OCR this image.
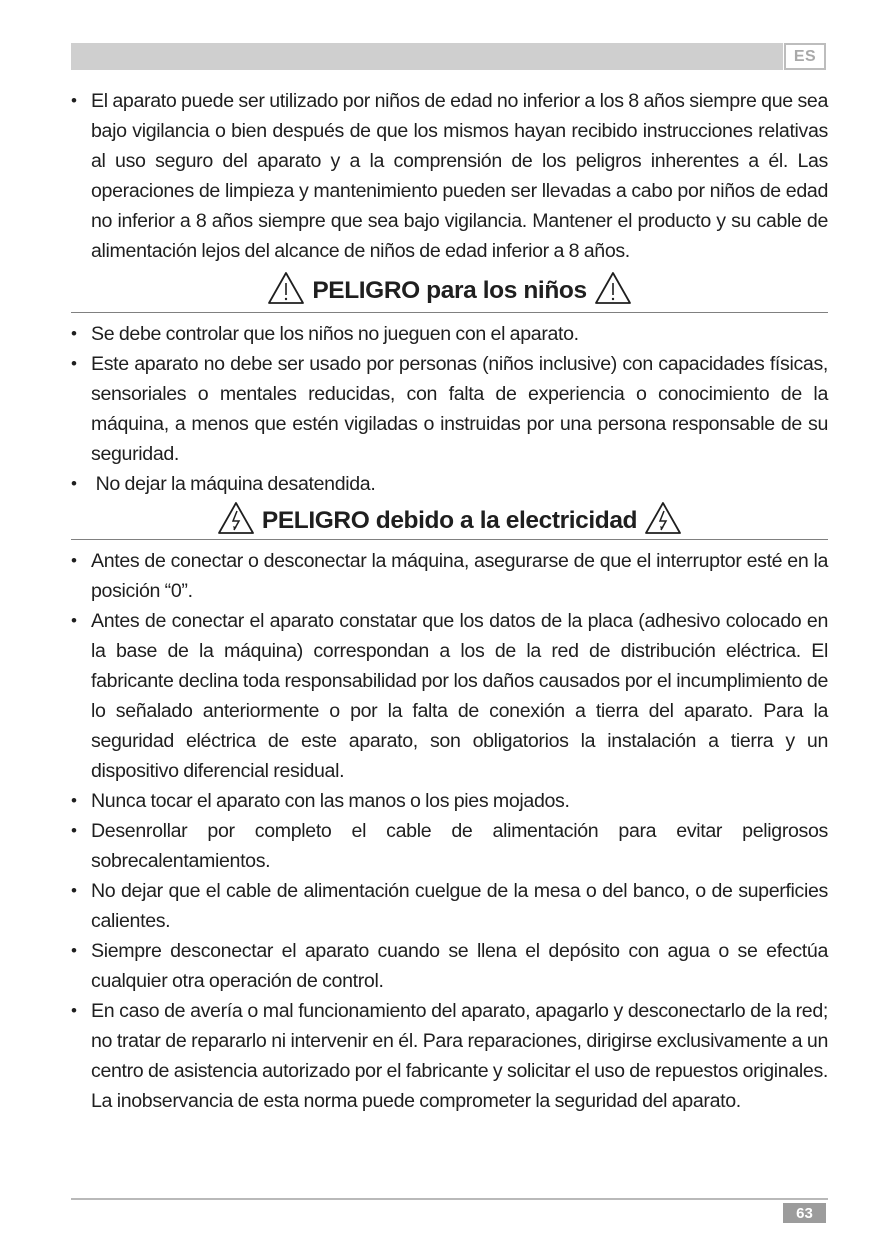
ES
• El aparato puede ser utilizado por niños de edad no inferior a los 8 años siempre que sea bajo vigilancia o bien después de que los mismos hayan recibido instrucciones relativas al uso seguro del aparato y a la comprensión de los peligros inherentes a él. Las operaciones de limpieza y mantenimiento pueden ser llevadas a cabo por niños de edad no inferior a 8 años siempre que sea bajo vigilancia. Mantener el producto y su cable de alimentación lejos del alcance de niños de edad inferior a 8 años.
PELIGRO para los niños
• Se debe controlar que los niños no jueguen con el aparato.
• Este aparato no debe ser usado por personas (niños inclusive) con capacidades físicas, sensoriales o mentales reducidas, con falta de experiencia o conocimiento de la máquina, a menos que estén vigiladas o instruidas por una persona responsable de su seguridad.
•  No dejar la máquina desatendida.
PELIGRO debido a la electricidad
• Antes de conectar o desconectar la máquina, asegurarse de que el interruptor esté en la posición “0”.
• Antes de conectar el aparato constatar que los datos de la placa (adhesivo colocado en la base de la máquina) correspondan a los de la red de distribución eléctrica. El fabricante declina toda responsabilidad por los daños causados por el incumplimiento de lo señalado anteriormente o por la falta de conexión a tierra del aparato. Para la seguridad eléctrica de este aparato, son obligatorios la instalación a tierra y un dispositivo diferencial residual.
• Nunca tocar el aparato con las manos o los pies mojados.
• Desenrollar por completo el cable de alimentación para evitar peligrosos sobrecalentamientos.
• No dejar que el cable de alimentación cuelgue de la mesa o del banco, o de superficies calientes.
• Siempre desconectar el aparato cuando se llena el depósito con agua o se efectúa cualquier otra operación de control.
• En caso de avería o mal funcionamiento del aparato, apagarlo y desconectarlo de la red; no tratar de repararlo ni intervenir en él. Para reparaciones, dirigirse exclusivamente a un centro de asistencia autorizado por el fabricante y solicitar el uso de repuestos originales. La inobservancia de esta norma puede comprometer la seguridad del aparato.
63
